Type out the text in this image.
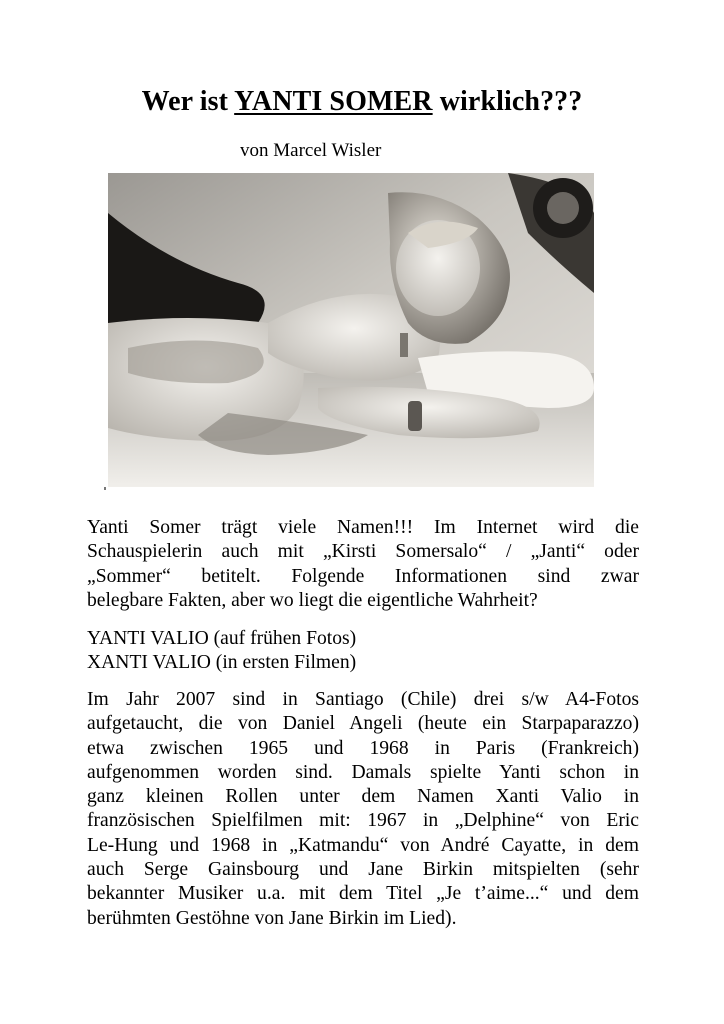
Wer ist YANTI SOMER wirklich???
von Marcel Wisler
Yanti Somer trägt viele Namen!!! Im Internet wird die
Schauspielerin auch mit „Kirsti Somersalo“ / „Janti“ oder
„Sommer“ betitelt. Folgende Informationen sind zwar
belegbare Fakten, aber wo liegt die eigentliche Wahrheit?
YANTI VALIO (auf frühen Fotos)
XANTI VALIO (in ersten Filmen)
Im Jahr 2007 sind in Santiago (Chile) drei s/w A4-Fotos
aufgetaucht, die von Daniel Angeli (heute ein Starpaparazzo)
etwa zwischen 1965 und 1968 in Paris (Frankreich)
aufgenommen worden sind. Damals spielte Yanti schon in
ganz kleinen Rollen unter dem Namen Xanti Valio in
französischen Spielfilmen mit: 1967 in „Delphine“ von Eric
Le-Hung und 1968 in „Katmandu“ von André Cayatte, in dem
auch Serge Gainsbourg und Jane Birkin mitspielten (sehr
bekannter Musiker u.a. mit dem Titel „Je t’aime...“ und dem
berühmten Gestöhne von Jane Birkin im Lied).
